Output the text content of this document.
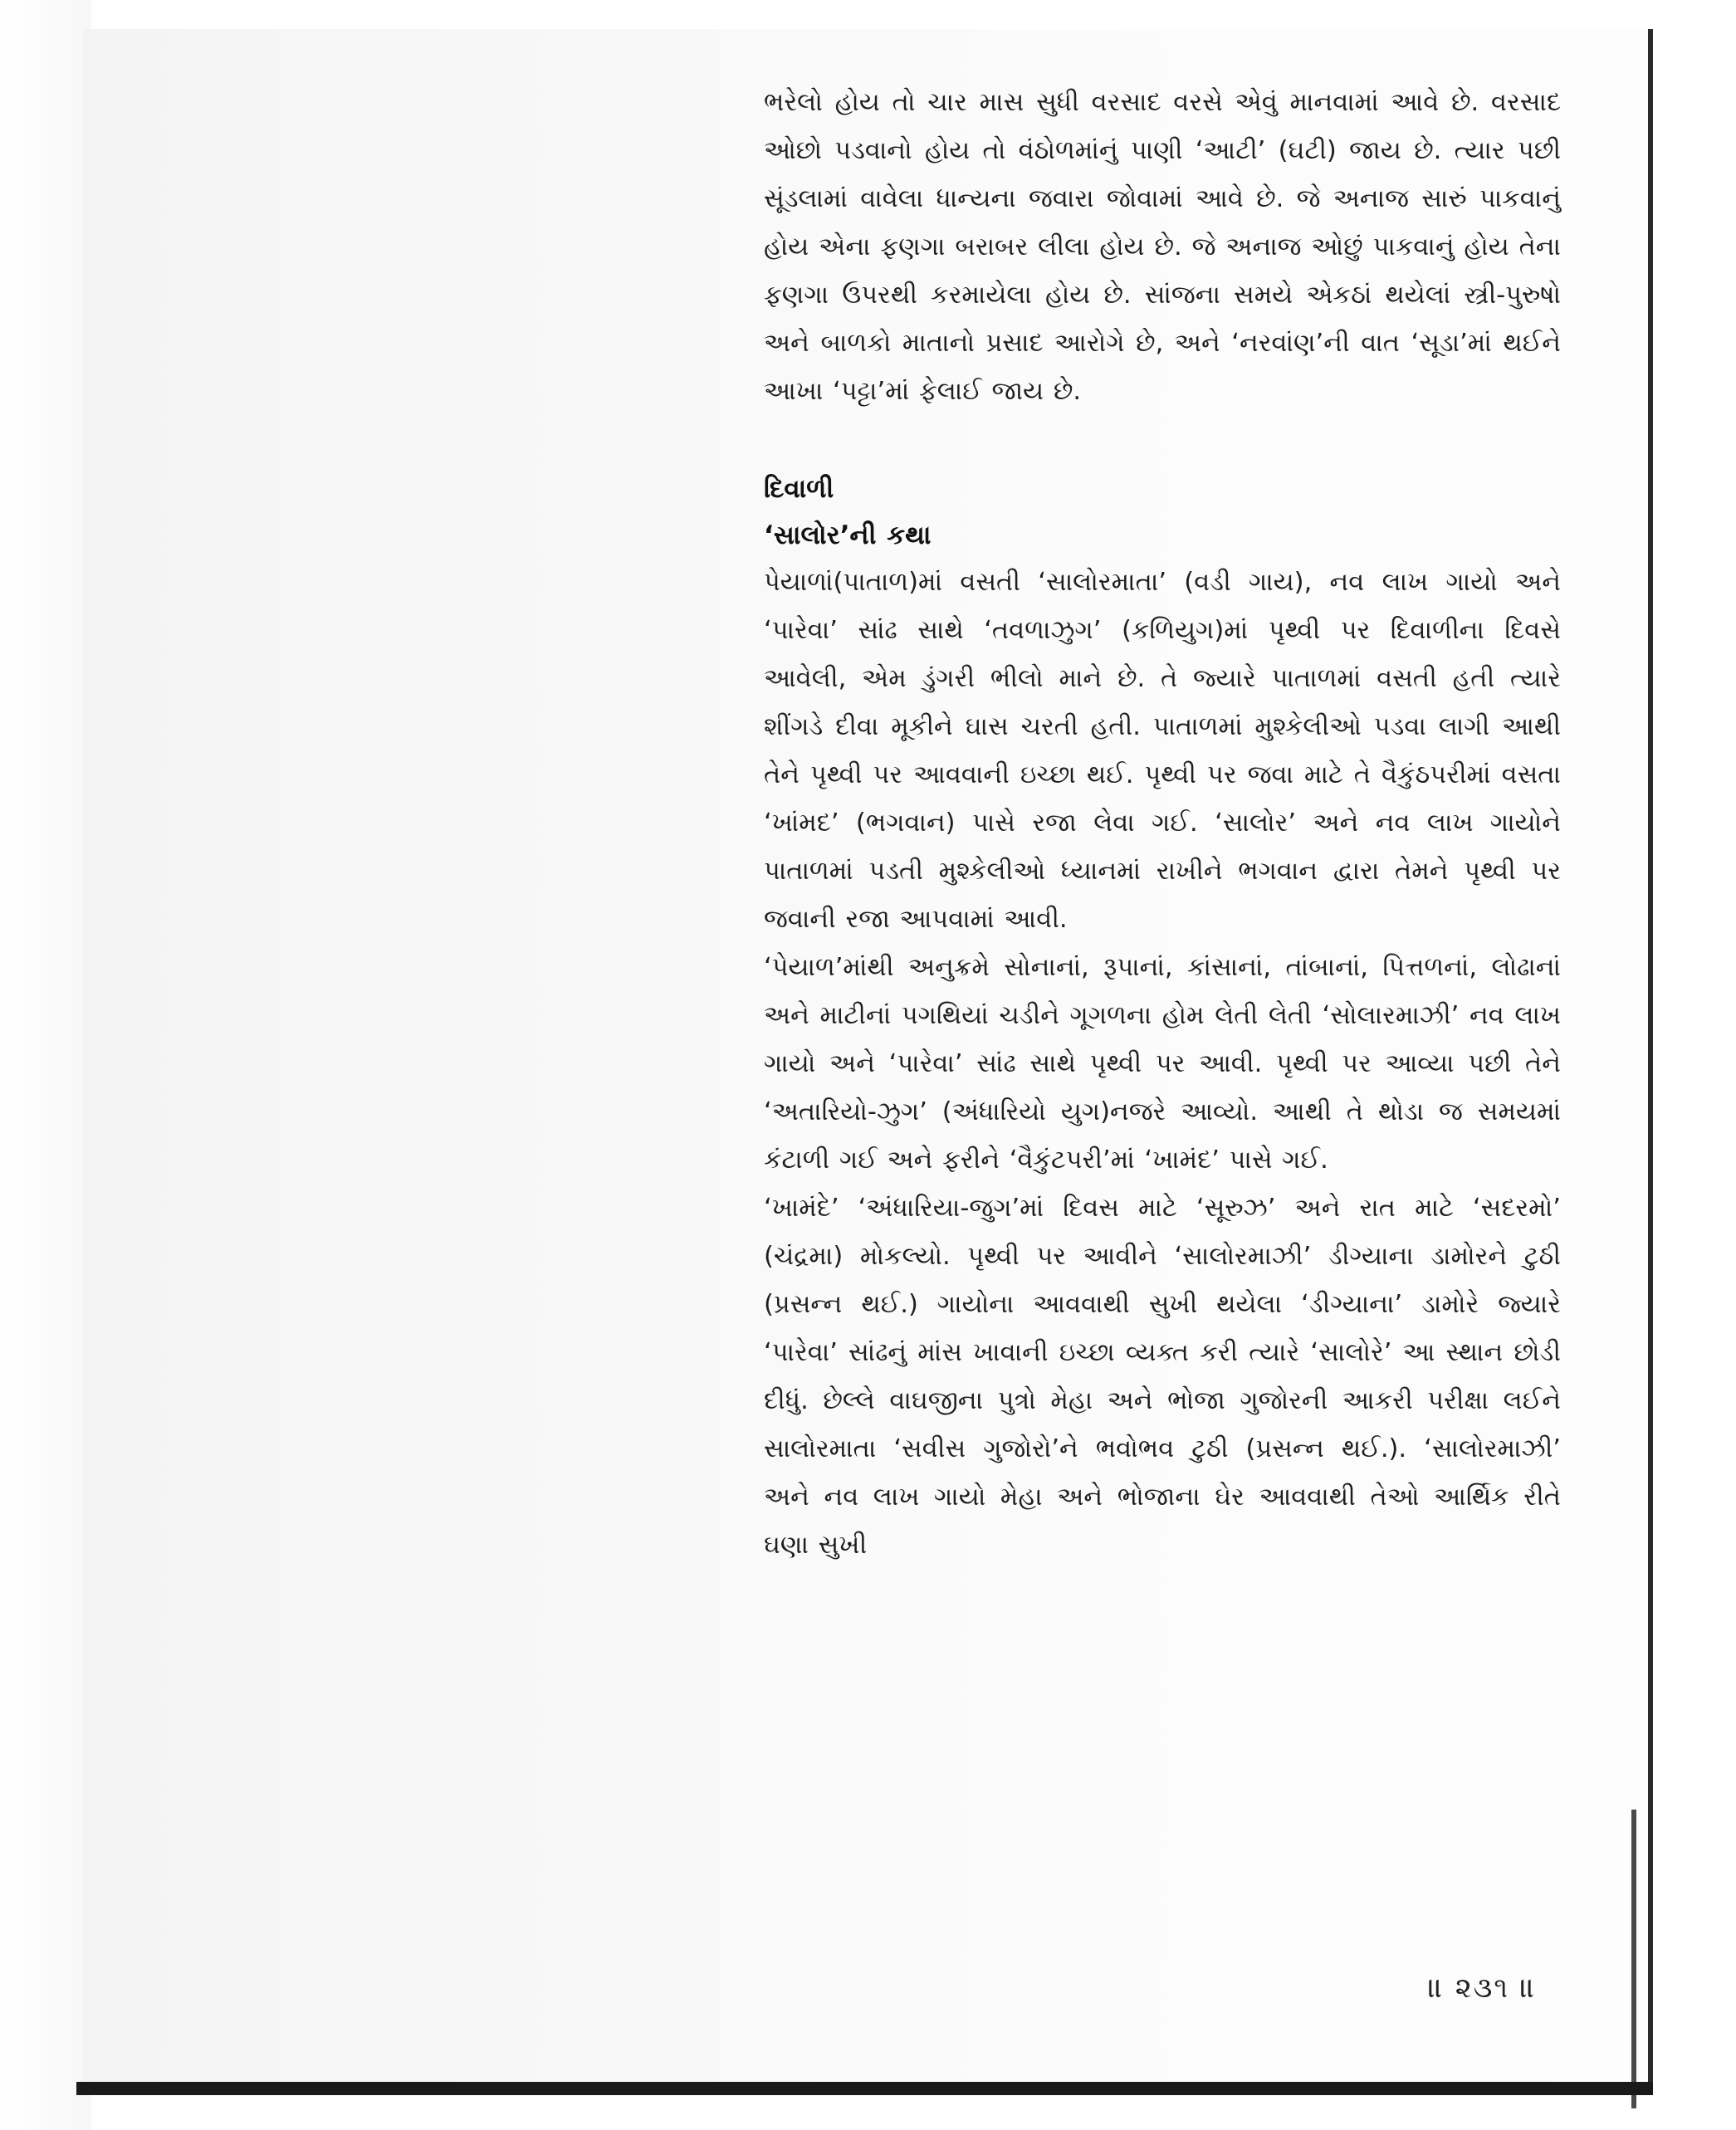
ભરેલો હોય તો ચાર માસ સુધી વરસાદ વરસે એવું માનવામાં આવે છે. વરસાદ ઓછો પડવાનો હોય તો વંઠોળમાંનું પાણી ‘આટી’ (ઘટી) જાય છે. ત્યાર પછી સૂંડલામાં વાવેલા ધાન્યના જવારા જોવામાં આવે છે. જે અનાજ સારું પાકવાનું હોય એના ફણગા બરાબર લીલા હોય છે. જે અનાજ ઓછું પાકવાનું હોય તેના ફણગા ઉપરથી કરમાયેલા હોય છે. સાંજના સમયે એકઠાં થયેલાં સ્ત્રી-પુરુષો અને બાળકો માતાનો પ્રસાદ આરોગે છે, અને ‘નરવાંણ’ની વાત ‘સૂડા’માં થઈને આખા ‘પટ્ટા’માં ફેલાઈ જાય છે.

દિવાળી

‘સાલોર’ની કથા

પેયાળાં(પાતાળ)માં વસતી ‘સાલોરમાતા’ (વડી ગાય), નવ લાખ ગાયો અને ‘પારેવા’ સાંઢ સાથે ‘તવળાઝુગ’ (કળિયુગ)માં પૃથ્વી પર દિવાળીના દિવસે આવેલી, એમ ડુંગરી ભીલો માને છે. તે જ્યારે પાતાળમાં વસતી હતી ત્યારે શીંગડે દીવા મૂકીને ઘાસ ચરતી હતી. પાતાળમાં મુશ્કેલીઓ પડવા લાગી આથી તેને પૃથ્વી પર આવવાની ઇચ્છા થઈ. પૃથ્વી પર જવા માટે તે વૈકુંઠપરીમાં વસતા ‘ખાંમદ’ (ભગવાન) પાસે રજા લેવા ગઈ. ‘સાલોર’ અને નવ લાખ ગાયોને પાતાળમાં પડતી મુશ્કેલીઓ ધ્યાનમાં રાખીને ભગવાન દ્વારા તેમને પૃથ્વી પર જવાની રજા આપવામાં આવી.

‘પેયાળ’માંથી અનુક્રમે સોનાનાં, રૂપાનાં, કાંસાનાં, તાંબાનાં, પિત્તળનાં, લોઢાનાં અને માટીનાં પગથિયાં ચડીને ગૂગળના હોમ લેતી લેતી ‘સોલારમાઝી’ નવ લાખ ગાયો અને ‘પારેવા’ સાંઢ સાથે પૃથ્વી પર આવી. પૃથ્વી પર આવ્યા પછી તેને ‘અતારિયો-ઝુગ’ (અંધારિયો યુગ)નજરે આવ્યો. આથી તે થોડા જ સમયમાં કંટાળી ગઈ અને ફરીને ‘વૈકુંટપરી’માં ‘ખામંદ’ પાસે ગઈ.

‘ખામંદે’ ‘અંધારિયા-જુગ’માં દિવસ માટે ‘સૂરુઝ’ અને રાત માટે ‘સદરમો’ (ચંદ્રમા) મોકલ્યો. પૃથ્વી પર આવીને ‘સાલોરમાઝી’ ડીગ્યાના ડામોરને ટુઠી (પ્રસન્ન થઈ.) ગાયોના આવવાથી સુખી થયેલા ‘ડીગ્યાના’ ડામોરે જ્યારે ‘પારેવા’ સાંઢનું માંસ ખાવાની ઇચ્છા વ્યક્ત કરી ત્યારે ‘સાલોરે’ આ સ્થાન છોડી દીધું. છેલ્લે વાઘજીના પુત્રો મેહા અને ભોજા ગુજોરની આકરી પરીક્ષા લઈને સાલોરમાતા ‘સવીસ ગુજોરો’ને ભવોભવ ટુઠી (પ્રસન્ન થઈ.). ‘સાલોરમાઝી’ અને નવ લાખ ગાયો મેહા અને ભોજાના ઘેર આવવાથી તેઓ આર્થિક રીતે ઘણા સુખી

॥ ૨૩૧ ॥
